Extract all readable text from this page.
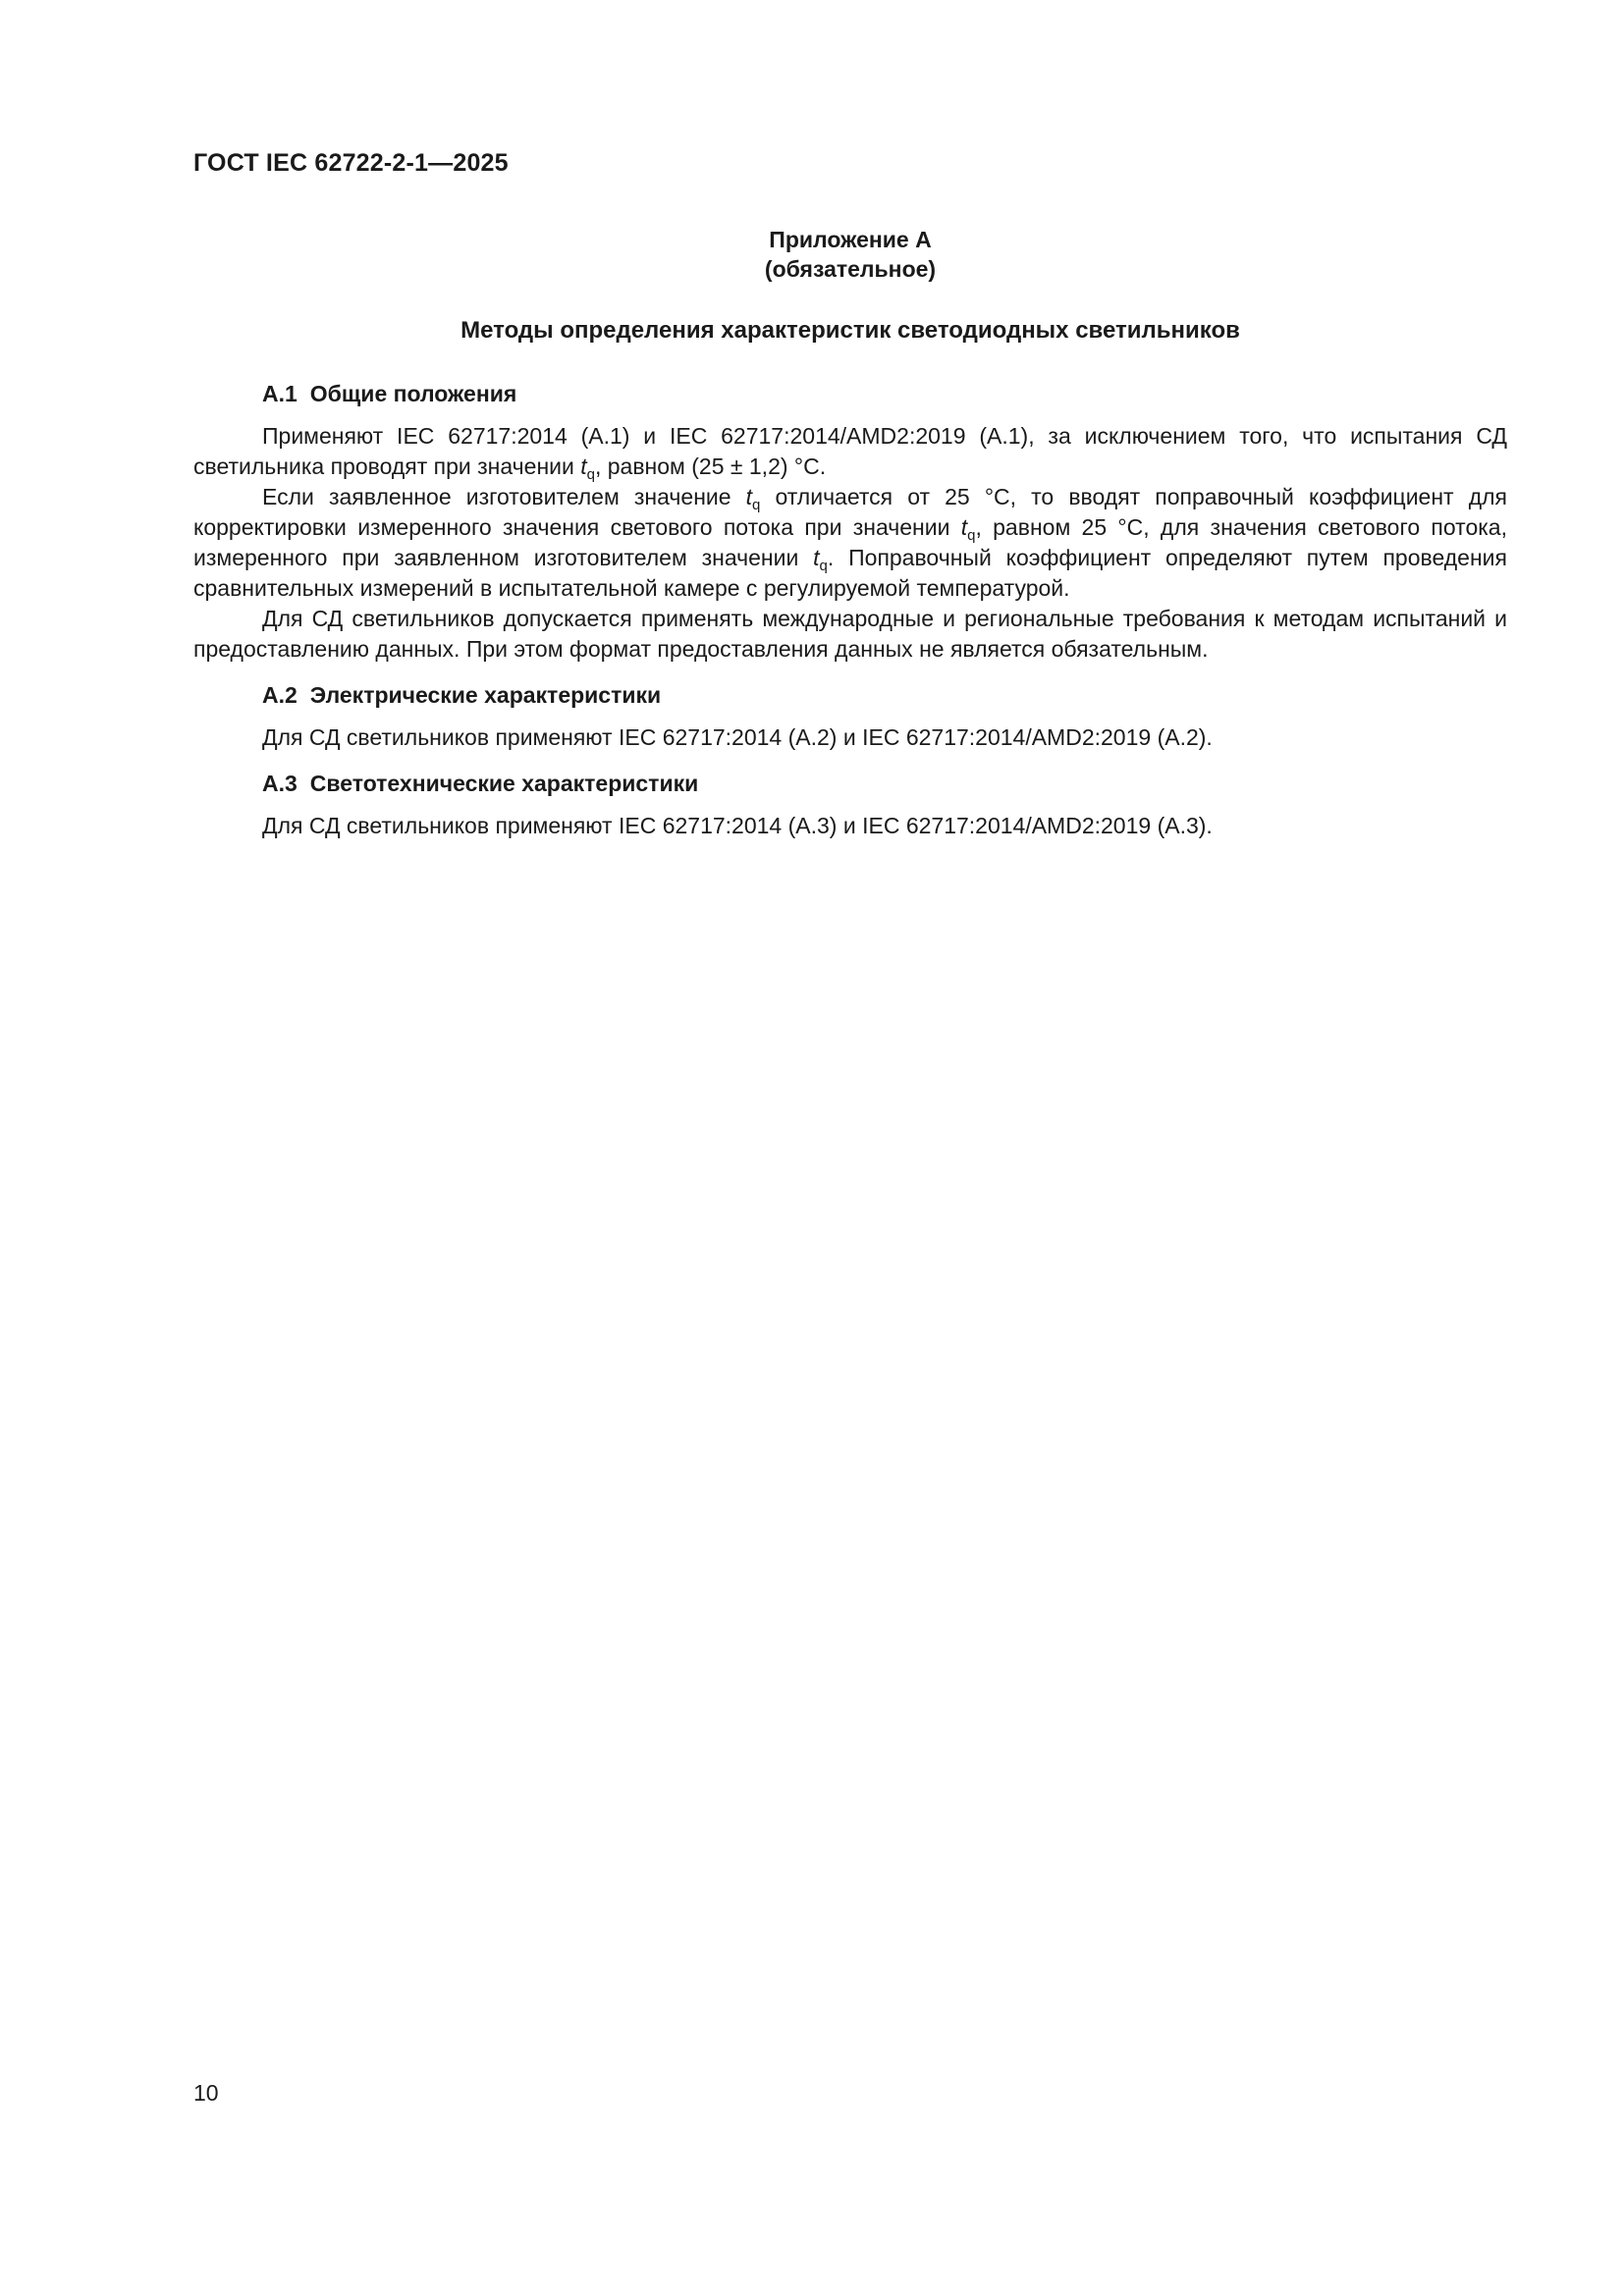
ГОСТ IEC 62722-2-1—2025
Приложение А
(обязательное)
Методы определения характеристик светодиодных светильников
А.1 Общие положения

Применяют IEC 62717:2014 (А.1) и IEC 62717:2014/AMD2:2019 (А.1), за исключением того, что испытания СД светильника проводят при значении $t_q$, равном (25 ± 1,2) °С.

Если заявленное изготовителем значение $t_q$ отличается от 25 °С, то вводят поправочный коэффициент для корректировки измеренного значения светового потока при значении $t_q$, равном 25 °С, для значения светового потока, измеренного при заявленном изготовителем значении $t_q$. Поправочный коэффициент определяют путем проведения сравнительных измерений в испытательной камере с регулируемой температурой.

Для СД светильников допускается применять международные и региональные требования к методам испытаний и предоставлению данных. При этом формат предоставления данных не является обязательным.

А.2 Электрические характеристики

Для СД светильников применяют IEC 62717:2014 (А.2) и IEC 62717:2014/AMD2:2019 (А.2).

А.3 Светотехнические характеристики

Для СД светильников применяют IEC 62717:2014 (А.3) и IEC 62717:2014/AMD2:2019 (А.3).

10
